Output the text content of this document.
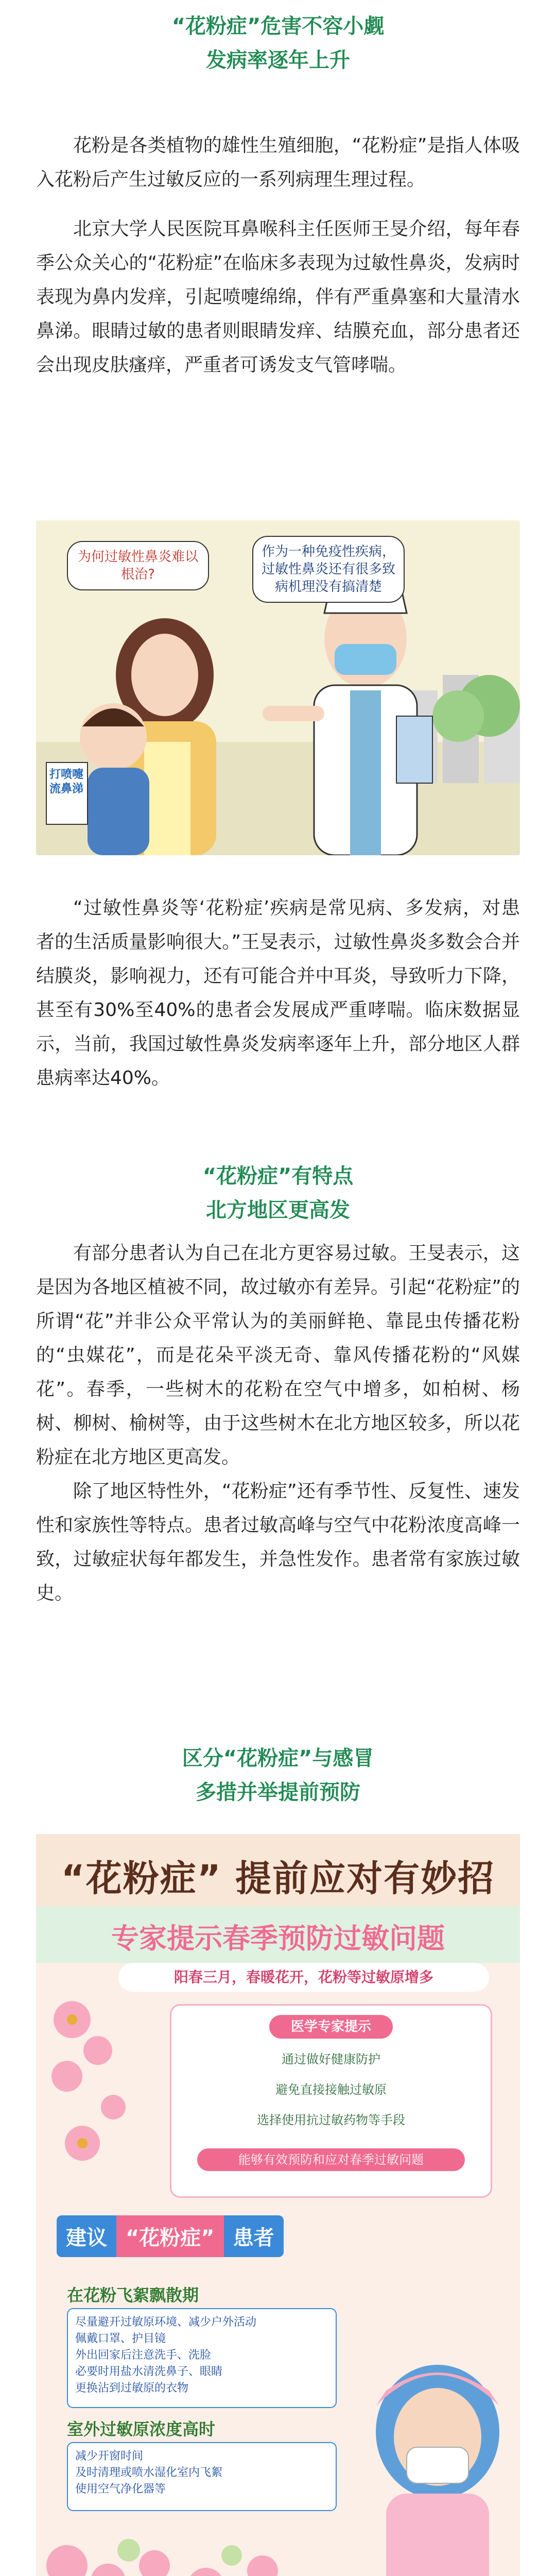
“花粉症”危害不容小觑
发病率逐年上升

花粉是各类植物的雄性生殖细胞，“花粉症”是指人体吸入花粉后产生过敏反应的一系列病理生理过程。

北京大学人民医院耳鼻喉科主任医师王旻介绍，每年春季公众关心的“花粉症”在临床多表现为过敏性鼻炎，发病时表现为鼻内发痒，引起喷嚏绵绵，伴有严重鼻塞和大量清水鼻涕。眼睛过敏的患者则眼睛发痒、结膜充血，部分患者还会出现皮肤瘙痒，严重者可诱发支气管哮喘。

为何过敏性鼻炎难以根治?
作为一种免疫性疾病，过敏性鼻炎还有很多致病机理没有搞清楚
打喷嚏流鼻涕

“过敏性鼻炎等‘花粉症’疾病是常见病、多发病，对患者的生活质量影响很大。”王旻表示，过敏性鼻炎多数会合并结膜炎，影响视力，还有可能合并中耳炎，导致听力下降，甚至有30%至40%的患者会发展成严重哮喘。临床数据显示，当前，我国过敏性鼻炎发病率逐年上升，部分地区人群患病率达40%。

“花粉症”有特点
北方地区更高发

有部分患者认为自己在北方更容易过敏。王旻表示，这是因为各地区植被不同，故过敏亦有差异。引起“花粉症”的所谓“花”并非公众平常认为的美丽鲜艳、靠昆虫传播花粉的“虫媒花”，而是花朵平淡无奇、靠风传播花粉的“风媒花”。春季，一些树木的花粉在空气中增多，如柏树、杨树、柳树、榆树等，由于这些树木在北方地区较多，所以花粉症在北方地区更高发。

除了地区特性外，“花粉症”还有季节性、反复性、速发性和家族性等特点。患者过敏高峰与空气中花粉浓度高峰一致，过敏症状每年都发生，并急性发作。患者常有家族过敏史。

区分“花粉症”与感冒
多措并举提前预防
“花粉症” 提前应对有妙招
专家提示春季预防过敏问题
阳春三月，春暖花开，花粉等过敏原增多
医学专家提示
通过做好健康防护
避免直接接触过敏原
选择使用抗过敏药物等手段
能够有效预防和应对春季过敏问题
建议 “花粉症” 患者
在花粉飞絮飘散期
尽量避开过敏原环境、减少户外活动
佩戴口罩、护目镜
外出回家后注意洗手、洗脸
必要时用盐水清洗鼻子、眼睛
更换沾到过敏原的衣物
室外过敏原浓度高时
减少开窗时间
及时清理或喷水湿化室内飞絮
使用空气净化器等
